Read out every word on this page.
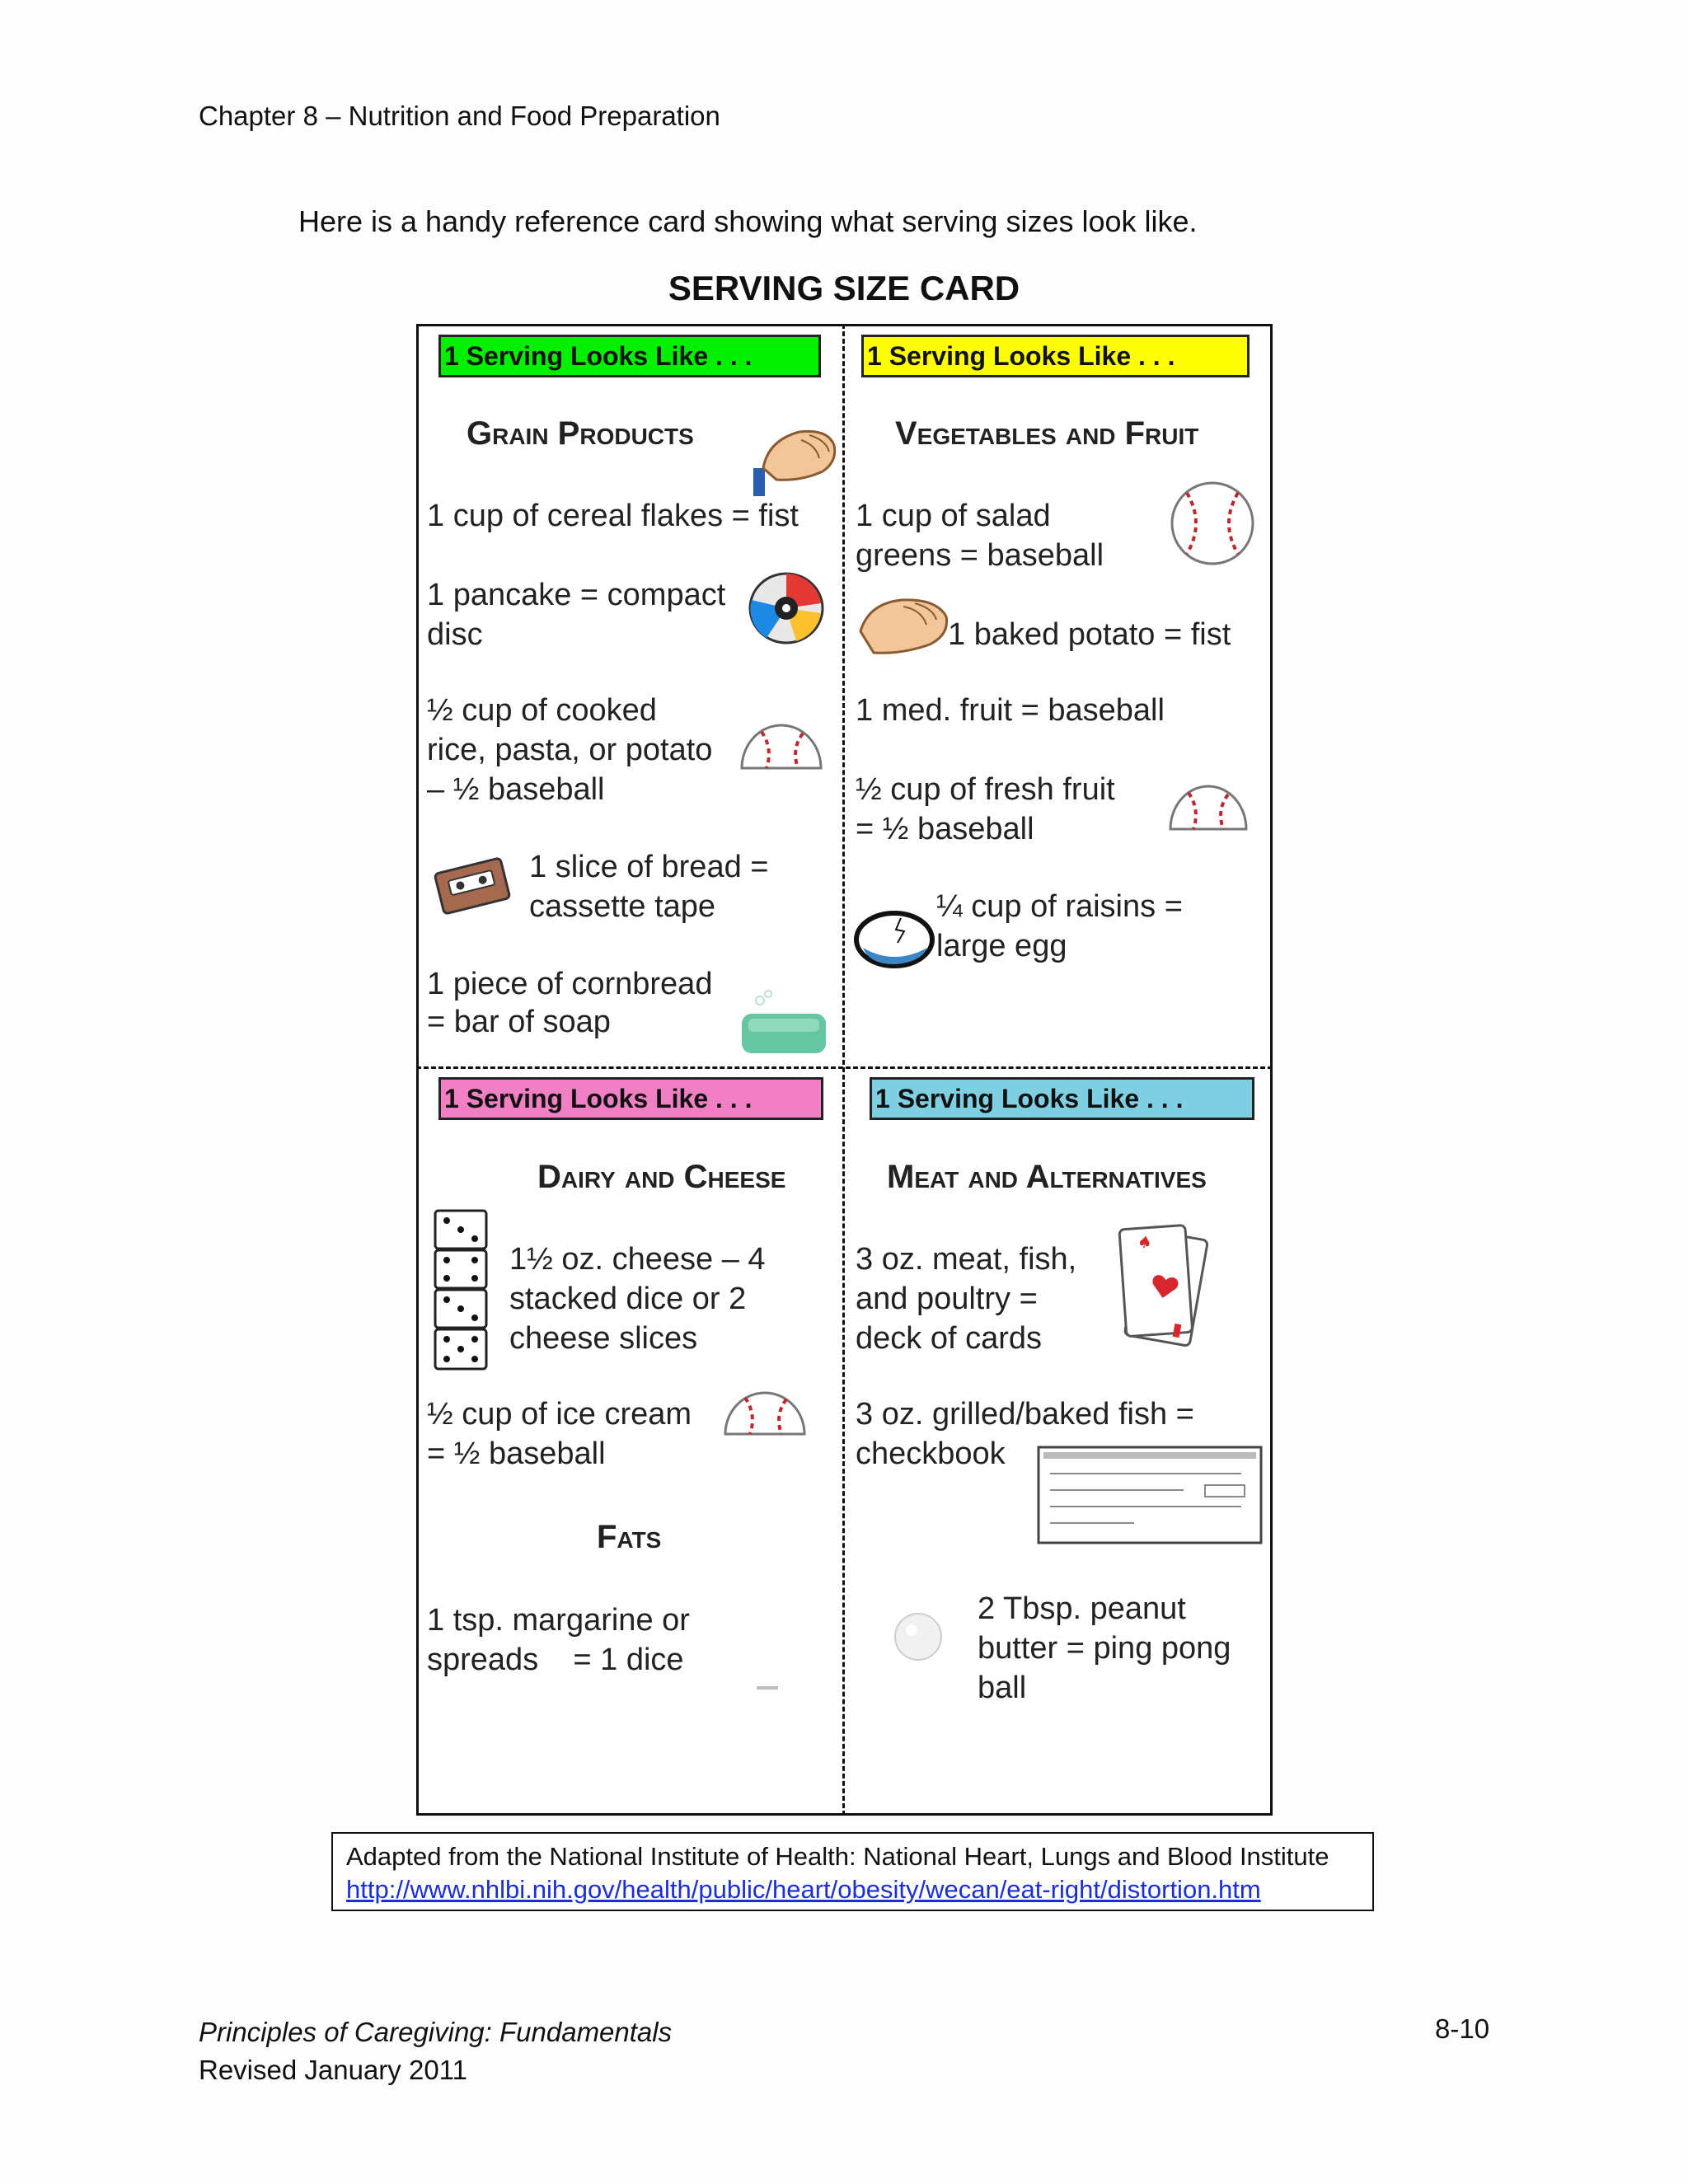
Chapter 8 – Nutrition and Food Preparation
Here is a handy reference card showing what serving sizes look like.
SERVING SIZE CARD
1 Serving Looks Like . . .	1 Serving Looks Like . . .
1 Serving Looks Like . . .	1 Serving Looks Like . . .
Grain Products	Vegetables and Fruit
Dairy and Cheese
Fats
Meat and Alternatives
1 cup of cereal flakes = fist
1 pancake = compact
disc
½ cup of cooked
rice, pasta, or potato
– ½ baseball
1 slice of bread =
cassette tape
1 piece of cornbread
= bar of soap
1 cup of salad
greens = baseball
1 baked potato = fist
1 med. fruit = baseball
½ cup of fresh fruit
= ½ baseball
¼ cup of raisins =
large egg
1½ oz. cheese – 4
stacked dice or 2
cheese slices
½ cup of ice cream
= ½ baseball
1 tsp. margarine or
spreads    = 1 dice
3 oz. meat, fish,
and poultry =
deck of cards
3 oz. grilled/baked fish =
checkbook
2 Tbsp. peanut
butter = ping pong
ball
♠
Adapted from the National Institute of Health: National Heart, Lungs and Blood Institute
http://www.nhlbi.nih.gov/health/public/heart/obesity/wecan/eat-right/distortion.htm
Principles of Caregiving: Fundamentals
Revised January 2011
8-10
